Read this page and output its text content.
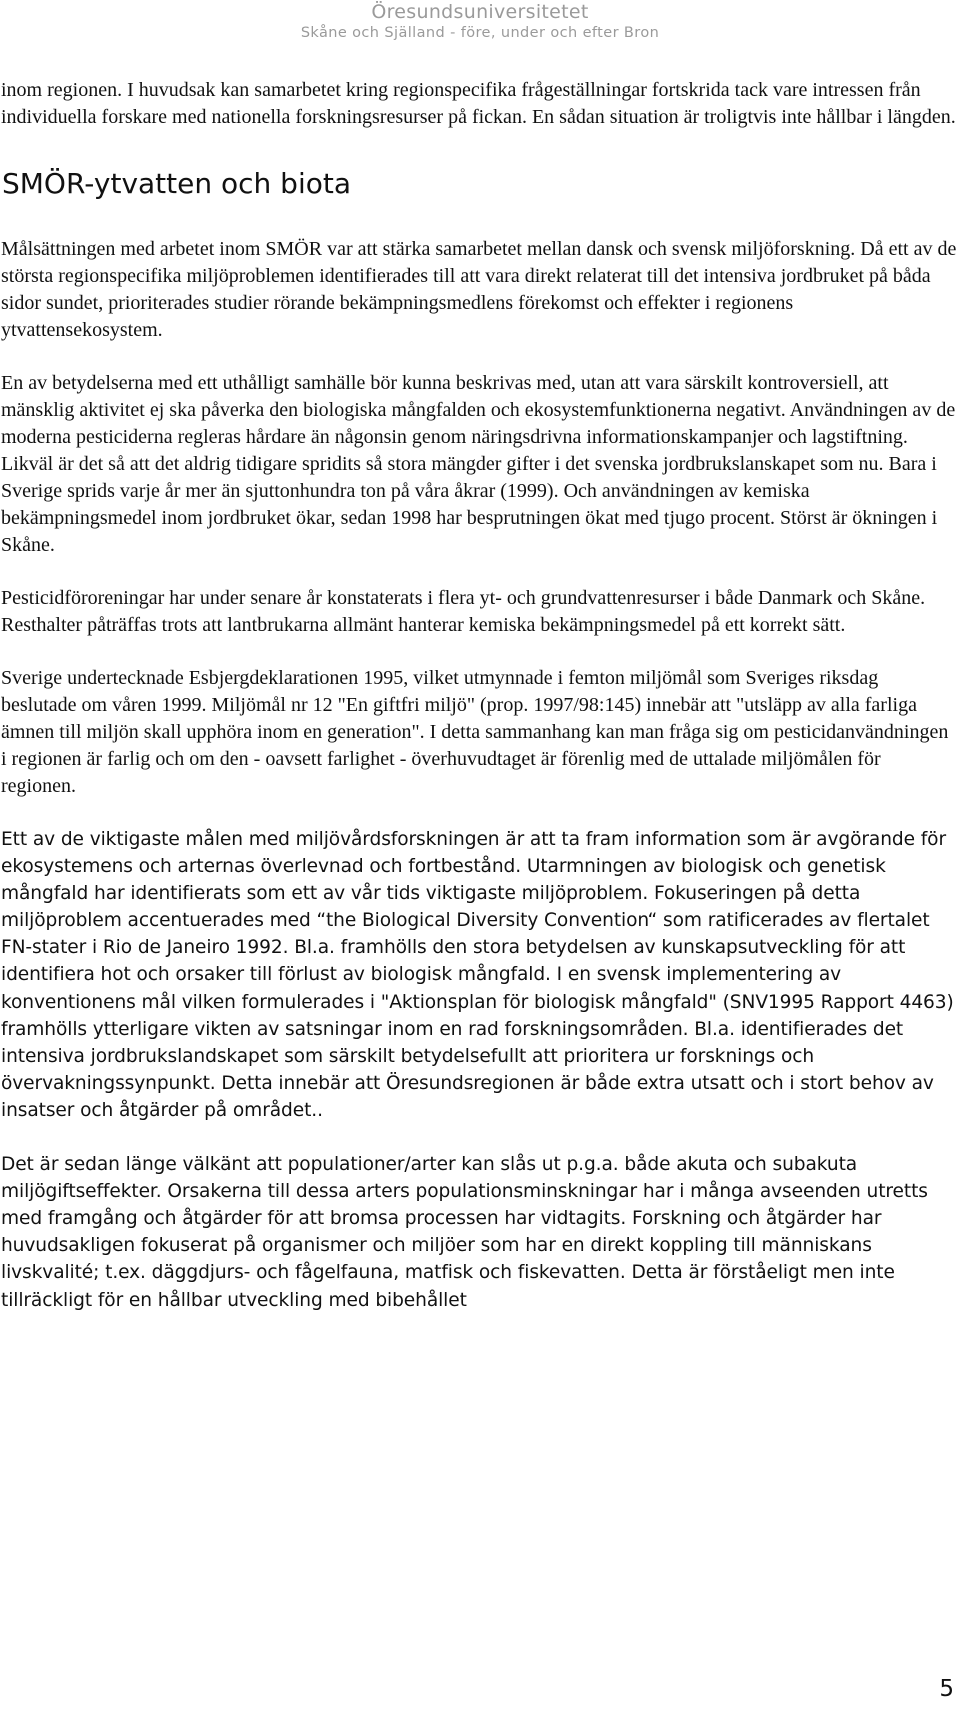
Öresundsuniversitetet
Skåne och Själland - före, under och efter Bron

inom regionen. I huvudsak kan samarbetet kring regionspecifika frågeställningar fortskrida tack vare intressen från individuella forskare med nationella forskningsresurser på fickan. En sådan situation är troligtvis inte hållbar i längden.

SMÖR-ytvatten och biota

Målsättningen med arbetet inom SMÖR var att stärka samarbetet mellan dansk och svensk miljöforskning. Då ett av de största regionspecifika miljöproblemen identifierades till att vara direkt relaterat till det intensiva jordbruket på båda sidor sundet, prioriterades studier rörande bekämpningsmedlens förekomst och effekter i regionens ytvattensekosystem.

En av betydelserna med ett uthålligt samhälle bör kunna beskrivas med, utan att vara särskilt kontroversiell, att mänsklig aktivitet ej ska påverka den biologiska mångfalden och ekosystemfunktionerna negativt. Användningen av de moderna pesticiderna regleras hårdare än någonsin genom näringsdrivna informationskampanjer och lagstiftning. Likväl är det så att det aldrig tidigare spridits så stora mängder gifter i det svenska jordbrukslanskapet som nu. Bara i Sverige sprids varje år mer än sjuttonhundra ton på våra åkrar (1999). Och användningen av kemiska bekämpningsmedel inom jordbruket ökar, sedan 1998 har besprutningen ökat med tjugo procent. Störst är ökningen i Skåne.

Pesticidföroreningar har under senare år konstaterats i flera yt- och grundvattenresurser i både Danmark och Skåne. Resthalter påträffas trots att lantbrukarna allmänt hanterar kemiska bekämpningsmedel på ett korrekt sätt.

Sverige undertecknade Esbjergdeklarationen 1995, vilket utmynnade i femton miljömål som Sveriges riksdag beslutade om våren 1999. Miljömål nr 12 "En giftfri miljö" (prop. 1997/98:145) innebär att "utsläpp av alla farliga ämnen till miljön skall upphöra inom en generation". I detta sammanhang kan man fråga sig om pesticidanvändningen i regionen är farlig och om den - oavsett farlighet - överhuvudtaget är förenlig med de uttalade miljömålen för regionen.

Ett av de viktigaste målen med miljövårdsforskningen är att ta fram information som är avgörande för ekosystemens och arternas överlevnad och fortbestånd. Utarmningen av biologisk och genetisk mångfald har identifierats som ett av vår tids viktigaste miljöproblem. Fokuseringen på detta miljöproblem accentuerades med “the Biological Diversity Convention“ som ratificerades av flertalet FN-stater i Rio de Janeiro 1992. Bl.a. framhölls den stora betydelsen av kunskapsutveckling för att identifiera hot och orsaker till förlust av biologisk mångfald. I en svensk implementering av konventionens mål vilken formulerades i "Aktionsplan för biologisk mångfald" (SNV1995 Rapport 4463) framhölls ytterligare vikten av satsningar inom en rad forskningsområden. Bl.a. identifierades det intensiva jordbrukslandskapet som särskilt betydelsefullt att prioritera ur forsknings och övervakningssynpunkt. Detta innebär att Öresundsregionen är både extra utsatt och i stort behov av insatser och åtgärder på området..

Det är sedan länge välkänt att populationer/arter kan slås ut p.g.a. både akuta och subakuta miljögiftseffekter. Orsakerna till dessa arters populationsminskningar har i många avseenden utretts med framgång och åtgärder för att bromsa processen har vidtagits. Forskning och åtgärder har huvudsakligen fokuserat på organismer och miljöer som har en direkt koppling till människans livskvalité; t.ex. däggdjurs- och fågelfauna, matfisk och fiskevatten. Detta är förståeligt men inte tillräckligt för en hållbar utveckling med bibehållet

5
